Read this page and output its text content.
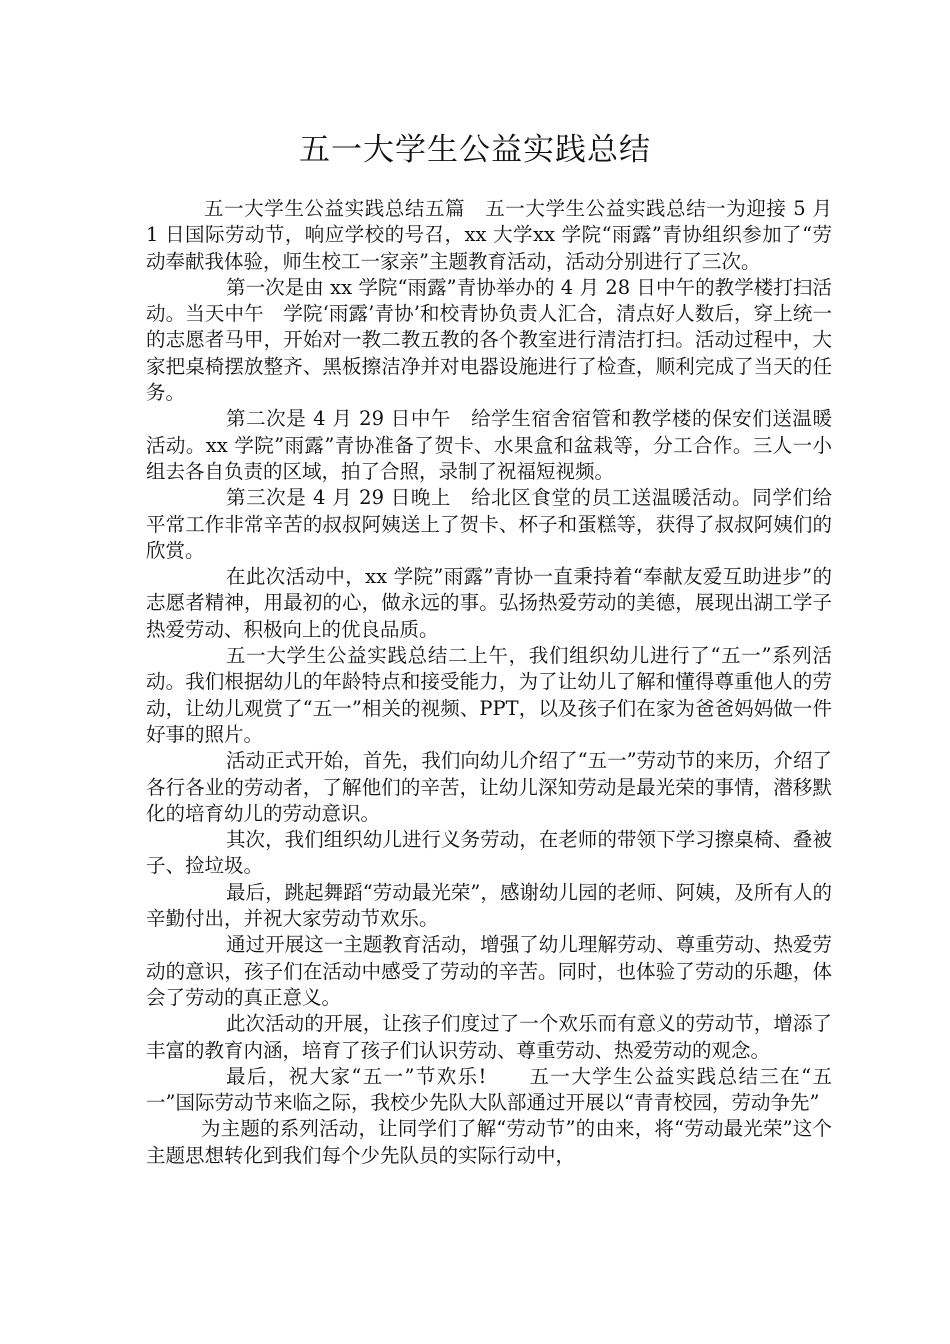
五一大学生公益实践总结

五一大学生公益实践总结五篇　五一大学生公益实践总结一为迎接 5 月 1 日国际劳动节，响应学校的号召，xx 大学xx 学院“雨露”青协组织参加了“劳动奉献我体验，师生校工一家亲”主题教育活动，活动分别进行了三次。

第一次是由 xx 学院“雨露”青协举办的 4 月 28 日中午的教学楼打扫活动。当天中午　学院‘雨露’青协’和校青协负责人汇合，清点好人数后，穿上统一的志愿者马甲，开始对一教二教五教的各个教室进行清洁打扫。活动过程中，大家把桌椅摆放整齐、黑板擦洁净并对电器设施进行了检查，顺利完成了当天的任务。

第二次是 4 月 29 日中午　给学生宿舍宿管和教学楼的保安们送温暖活动。xx 学院”雨露”青协准备了贺卡、水果盒和盆栽等，分工合作。三人一小组去各自负责的区域，拍了合照，录制了祝福短视频。

第三次是 4 月 29 日晚上　给北区食堂的员工送温暖活动。同学们给平常工作非常辛苦的叔叔阿姨送上了贺卡、杯子和蛋糕等，获得了叔叔阿姨们的欣赏。

在此次活动中，xx 学院”雨露”青协一直秉持着“奉献友爱互助进步”的志愿者精神，用最初的心，做永远的事。弘扬热爱劳动的美德，展现出湖工学子热爱劳动、积极向上的优良品质。

五一大学生公益实践总结二上午，我们组织幼儿进行了“五一”系列活动。我们根据幼儿的年龄特点和接受能力，为了让幼儿了解和懂得尊重他人的劳动，让幼儿观赏了“五一”相关的视频、PPT，以及孩子们在家为爸爸妈妈做一件好事的照片。

活动正式开始，首先，我们向幼儿介绍了“五一”劳动节的来历，介绍了各行各业的劳动者，了解他们的辛苦，让幼儿深知劳动是最光荣的事情，潜移默化的培育幼儿的劳动意识。

其次，我们组织幼儿进行义务劳动，在老师的带领下学习擦桌椅、叠被子、捡垃圾。

最后，跳起舞蹈“劳动最光荣”，感谢幼儿园的老师、阿姨，及所有人的辛勤付出，并祝大家劳动节欢乐。

通过开展这一主题教育活动，增强了幼儿理解劳动、尊重劳动、热爱劳动的意识，孩子们在活动中感受了劳动的辛苦。同时，也体验了劳动的乐趣，体会了劳动的真正意义。

此次活动的开展，让孩子们度过了一个欢乐而有意义的劳动节，增添了丰富的教育内涵，培育了孩子们认识劳动、尊重劳动、热爱劳动的观念。

最后，祝大家“五一”节欢乐!　　五一大学生公益实践总结三在“五一”国际劳动节来临之际，我校少先队大队部通过开展以“青青校园，劳动争先”

为主题的系列活动，让同学们了解“劳动节”的由来，将“劳动最光荣”这个主题思想转化到我们每个少先队员的实际行动中，
